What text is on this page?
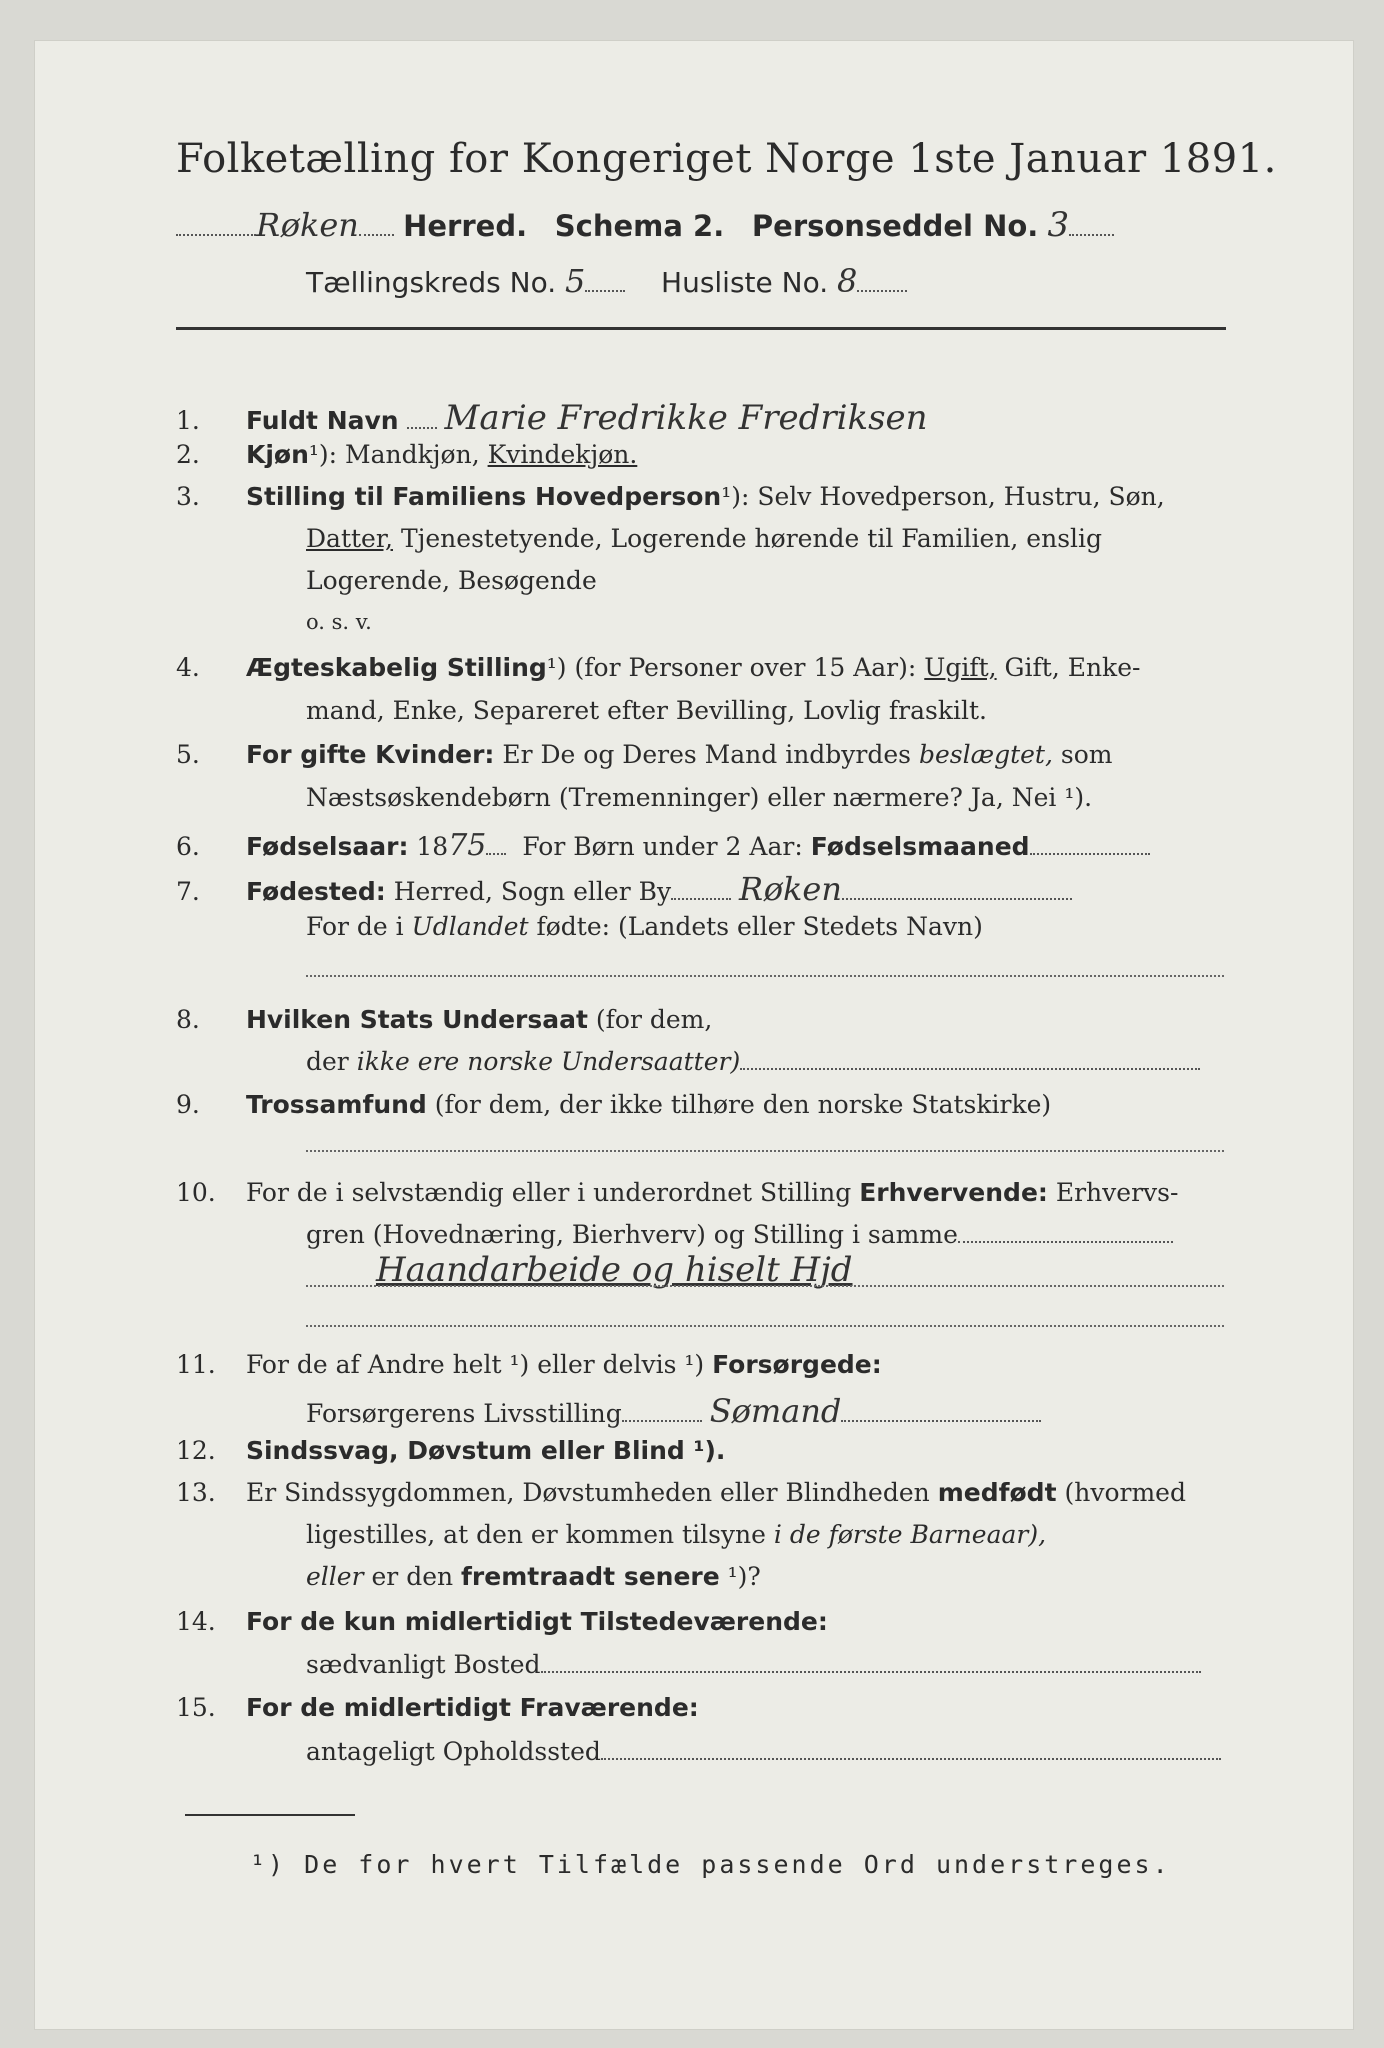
Folketælling for Kongeriget Norge 1ste Januar 1891.
Røken Herred. Schema 2. Personseddel No. 3
Tællingskreds No. 5	Husliste No. 8
1. Fuldt Navn Marie Fredrikke Fredriksen
2. Kjøn¹): Mandkjøn, Kvindekjøn.
3. Stilling til Familiens Hovedperson¹): Selv Hovedperson, Hustru, Søn,
Datter, Tjenestetyende, Logerende hørende til Familien, enslig
Logerende, Besøgende
o. s. v.
4. Ægteskabelig Stilling¹) (for Personer over 15 Aar): Ugift, Gift, Enke-
mand, Enke, Separeret efter Bevilling, Lovlig fraskilt.
5. For gifte Kvinder: Er De og Deres Mand indbyrdes beslægtet, som
Næstsøskendebørn (Tremenninger) eller nærmere? Ja, Nei ¹).
6. Fødselsaar: 1875 For Børn under 2 Aar: Fødselsmaaned
7. Fødested: Herred, Sogn eller By Røken
For de i Udlandet fødte: (Landets eller Stedets Navn)
8. Hvilken Stats Undersaat (for dem,
der ikke ere norske Undersaatter)
9. Trossamfund (for dem, der ikke tilhøre den norske Statskirke)
10. For de i selvstændig eller i underordnet Stilling Erhvervende: Erhvervs-
gren (Hovednæring, Bierhverv) og Stilling i samme
Haandarbeide og hiselt Hjd
11. For de af Andre helt ¹) eller delvis ¹) Forsørgede:
Forsørgerens Livsstilling	Sømand
12. Sindssvag, Døvstum eller Blind ¹).
13. Er Sindssygdommen, Døvstumheden eller Blindheden medfødt (hvormed
ligestilles, at den er kommen tilsyne i de første Barneaar),
eller er den fremtraadt senere ¹)?
14. For de kun midlertidigt Tilstedeværende:
sædvanligt Bosted
15. For de midlertidigt Fraværende:
antageligt Opholdssted
¹) De for hvert Tilfælde passende Ord understreges.
